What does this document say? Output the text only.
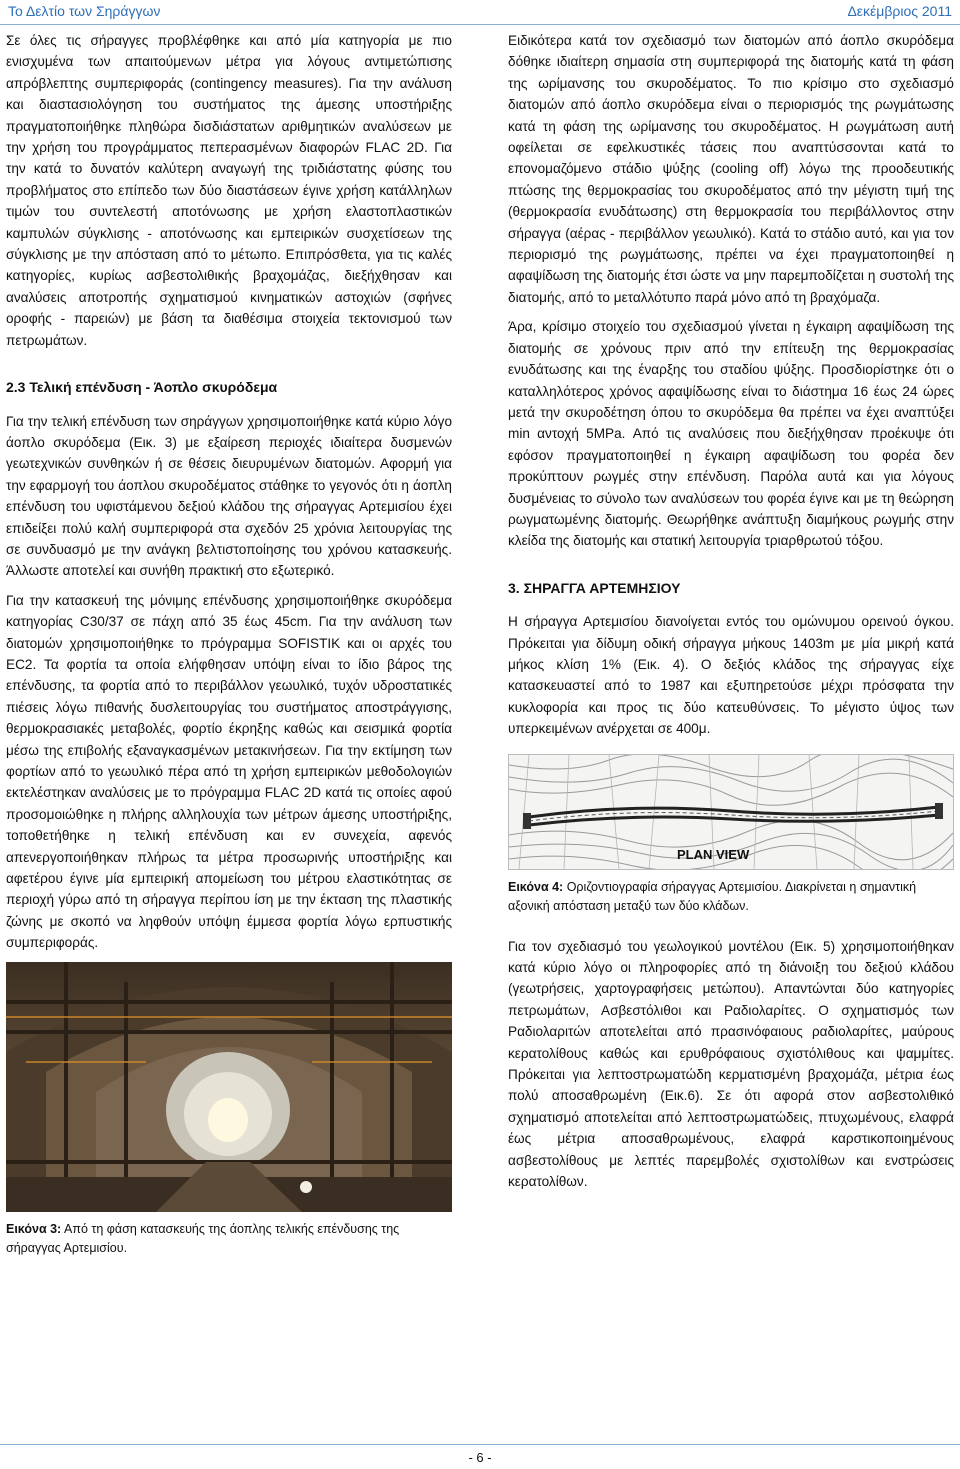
Το Δελτίο των Σηράγγων	Δεκέμβριος 2011

Σε όλες τις σήραγγες προβλέφθηκε και από μία κατηγορία με πιο ενισχυμένα των απαιτούμενων μέτρα για λόγους αντιμετώπισης απρόβλεπτης συμπεριφοράς (contingency measures). Για την ανάλυση και διαστασιολόγηση του συστήματος της άμεσης υποστήριξης πραγματοποιήθηκε πληθώρα δισδιάστατων αριθμητικών αναλύσεων με την χρήση του προγράμματος πεπερασμένων διαφορών FLAC 2D. Για την κατά το δυνατόν καλύτερη αναγωγή της τριδιάστατης φύσης του προβλήματος στο επίπεδο των δύο διαστάσεων έγινε χρήση κατάλληλων τιμών του συντελεστή αποτόνωσης με χρήση ελαστοπλαστικών καμπυλών σύγκλισης - αποτόνωσης και εμπειρικών συσχετίσεων της σύγκλισης με την απόσταση από το μέτωπο. Επιπρόσθετα, για τις καλές κατηγορίες, κυρίως ασβεστολιθικής βραχομάζας, διεξήχθησαν και αναλύσεις αποτροπής σχηματισμού κινηματικών αστοχιών (σφήνες οροφής - παρειών) με βάση τα διαθέσιμα στοιχεία τεκτονισμού των πετρωμάτων.

2.3 Τελική επένδυση - Άοπλο σκυρόδεμα

Για την τελική επένδυση των σηράγγων χρησιμοποιήθηκε κατά κύριο λόγο άοπλο σκυρόδεμα (Εικ. 3) με εξαίρεση περιοχές ιδιαίτερα δυσμενών γεωτεχνικών συνθηκών ή σε θέσεις διευρυμένων διατομών. Αφορμή για την εφαρμογή του άοπλου σκυροδέματος στάθηκε το γεγονός ότι η άοπλη επένδυση του υφιστάμενου δεξιού κλάδου της σήραγγας Αρτεμισίου έχει επιδείξει πολύ καλή συμπεριφορά στα σχεδόν 25 χρόνια λειτουργίας της σε συνδυασμό με την ανάγκη βελτιστοποίησης του χρόνου κατασκευής. Άλλωστε αποτελεί και συνήθη πρακτική στο εξωτερικό.

Για την κατασκευή της μόνιμης επένδυσης χρησιμοποιήθηκε σκυρόδεμα κατηγορίας C30/37 σε πάχη από 35 έως 45cm. Για την ανάλυση των διατομών χρησιμοποιήθηκε το πρόγραμμα SOFISTIK και οι αρχές του EC2. Τα φορτία τα οποία ελήφθησαν υπόψη είναι το ίδιο βάρος της επένδυσης, τα φορτία από το περιβάλλον γεωυλικό, τυχόν υδροστατικές πιέσεις λόγω πιθανής δυσλειτουργίας του συστήματος αποστράγγισης, θερμοκρασιακές μεταβολές, φορτίο έκρηξης καθώς και σεισμικά φορτία μέσω της επιβολής εξαναγκασμένων μετακινήσεων. Για την εκτίμηση των φορτίων από το γεωυλικό πέρα από τη χρήση εμπειρικών μεθοδολογιών εκτελέστηκαν αναλύσεις με το πρόγραμμα FLAC 2D κατά τις οποίες αφού προσομοιώθηκε η πλήρης αλληλουχία των μέτρων άμεσης υποστήριξης, τοποθετήθηκε η τελική επένδυση και εν συνεχεία, αφενός απενεργοποιήθηκαν πλήρως τα μέτρα προσωρινής υποστήριξης και αφετέρου έγινε μία εμπειρική απομείωση του μέτρου ελαστικότητας σε περιοχή γύρω από τη σήραγγα περίπου ίση με την έκταση της πλαστικής ζώνης με σκοπό να ληφθούν υπόψη έμμεσα φορτία λόγω ερπυστικής συμπεριφοράς.

Εικόνα 3: Από τη φάση κατασκευής της άοπλης τελικής επένδυσης της σήραγγας Αρτεμισίου.

Ειδικότερα κατά τον σχεδιασμό των διατομών από άοπλο σκυρόδεμα δόθηκε ιδιαίτερη σημασία στη συμπεριφορά της διατομής κατά τη φάση της ωρίμανσης του σκυροδέματος. Το πιο κρίσιμο στο σχεδιασμό διατομών από άοπλο σκυρόδεμα είναι ο περιορισμός της ρωγμάτωσης κατά τη φάση της ωρίμανσης του σκυροδέματος. Η ρωγμάτωση αυτή οφείλεται σε εφελκυστικές τάσεις που αναπτύσσονται κατά το επονομαζόμενο στάδιο ψύξης (cooling off) λόγω της προοδευτικής πτώσης της θερμοκρασίας του σκυροδέματος από την μέγιστη τιμή της (θερμοκρασία ενυδάτωσης) στη θερμοκρασία του περιβάλλοντος στην σήραγγα (αέρας - περιβάλλον γεωυλικό). Κατά το στάδιο αυτό, και για τον περιορισμό της ρωγμάτωσης, πρέπει να έχει πραγματοποιηθεί η αφαψίδωση της διατομής έτσι ώστε να μην παρεμποδίζεται η συστολή της διατομής, από το μεταλλότυπο παρά μόνο από τη βραχόμαζα.

Άρα, κρίσιμο στοιχείο του σχεδιασμού γίνεται η έγκαιρη αφαψίδωση της διατομής σε χρόνους πριν από την επίτευξη της θερμοκρασίας ενυδάτωσης και της έναρξης του σταδίου ψύξης. Προσδιορίστηκε ότι ο καταλληλότερος χρόνος αφαψίδωσης είναι το διάστημα 16 έως 24 ώρες μετά την σκυροδέτηση όπου το σκυρόδεμα θα πρέπει να έχει αναπτύξει min αντοχή 5MPa. Από τις αναλύσεις που διεξήχθησαν προέκυψε ότι εφόσον πραγματοποιηθεί η έγκαιρη αφαψίδωση του φορέα δεν προκύπτουν ρωγμές στην επένδυση. Παρόλα αυτά και για λόγους δυσμένειας το σύνολο των αναλύσεων του φορέα έγινε και με τη θεώρηση ρωγματωμένης διατομής. Θεωρήθηκε ανάπτυξη διαμήκους ρωγμής στην κλείδα της διατομής και στατική λειτουργία τριαρθρωτού τόξου.

3. ΣΗΡΑΓΓΑ ΑΡΤΕΜΗΣΙΟΥ

Η σήραγγα Αρτεμισίου διανοίγεται εντός του ομώνυμου ορεινού όγκου. Πρόκειται για δίδυμη οδική σήραγγα μήκους 1403m με μία μικρή κατά μήκος κλίση 1% (Εικ. 4). Ο δεξιός κλάδος της σήραγγας είχε κατασκευαστεί από το 1987 και εξυπηρετούσε μέχρι πρόσφατα την κυκλοφορία και προς τις δύο κατευθύνσεις. Το μέγιστο ύψος των υπερκειμένων ανέρχεται σε 400μ.

PLAN VIEW
Εικόνα 4: Οριζοντιογραφία σήραγγας Αρτεμισίου. Διακρίνεται η σημαντική αξονική απόσταση μεταξύ των δύο κλάδων.

Για τον σχεδιασμό του γεωλογικού μοντέλου (Εικ. 5) χρησιμοποιήθηκαν κατά κύριο λόγο οι πληροφορίες από τη διάνοιξη του δεξιού κλάδου (γεωτρήσεις, χαρτογραφήσεις μετώπου). Απαντώνται δύο κατηγορίες πετρωμάτων, Ασβεστόλιθοι και Ραδιολαρίτες. Ο σχηματισμός των Ραδιολαριτών αποτελείται από πρασινόφαιους ραδιολαρίτες, μαύρους κερατολίθους καθώς και ερυθρόφαιους σχιστόλιθους και ψαμμίτες. Πρόκειται για λεπτοστρωματώδη κερματισμένη βραχομάζα, μέτρια έως πολύ αποσαθρωμένη (Εικ.6). Σε ότι αφορά στον ασβεστολιθικό σχηματισμό αποτελείται από λεπτοστρωματώδεις, πτυχωμένους, ελαφρά έως μέτρια αποσαθρωμένους, ελαφρά καρστικοποιημένους ασβεστολίθους με λεπτές παρεμβολές σχιστολίθων και ενστρώσεις κερατολίθων.

- 6 -
